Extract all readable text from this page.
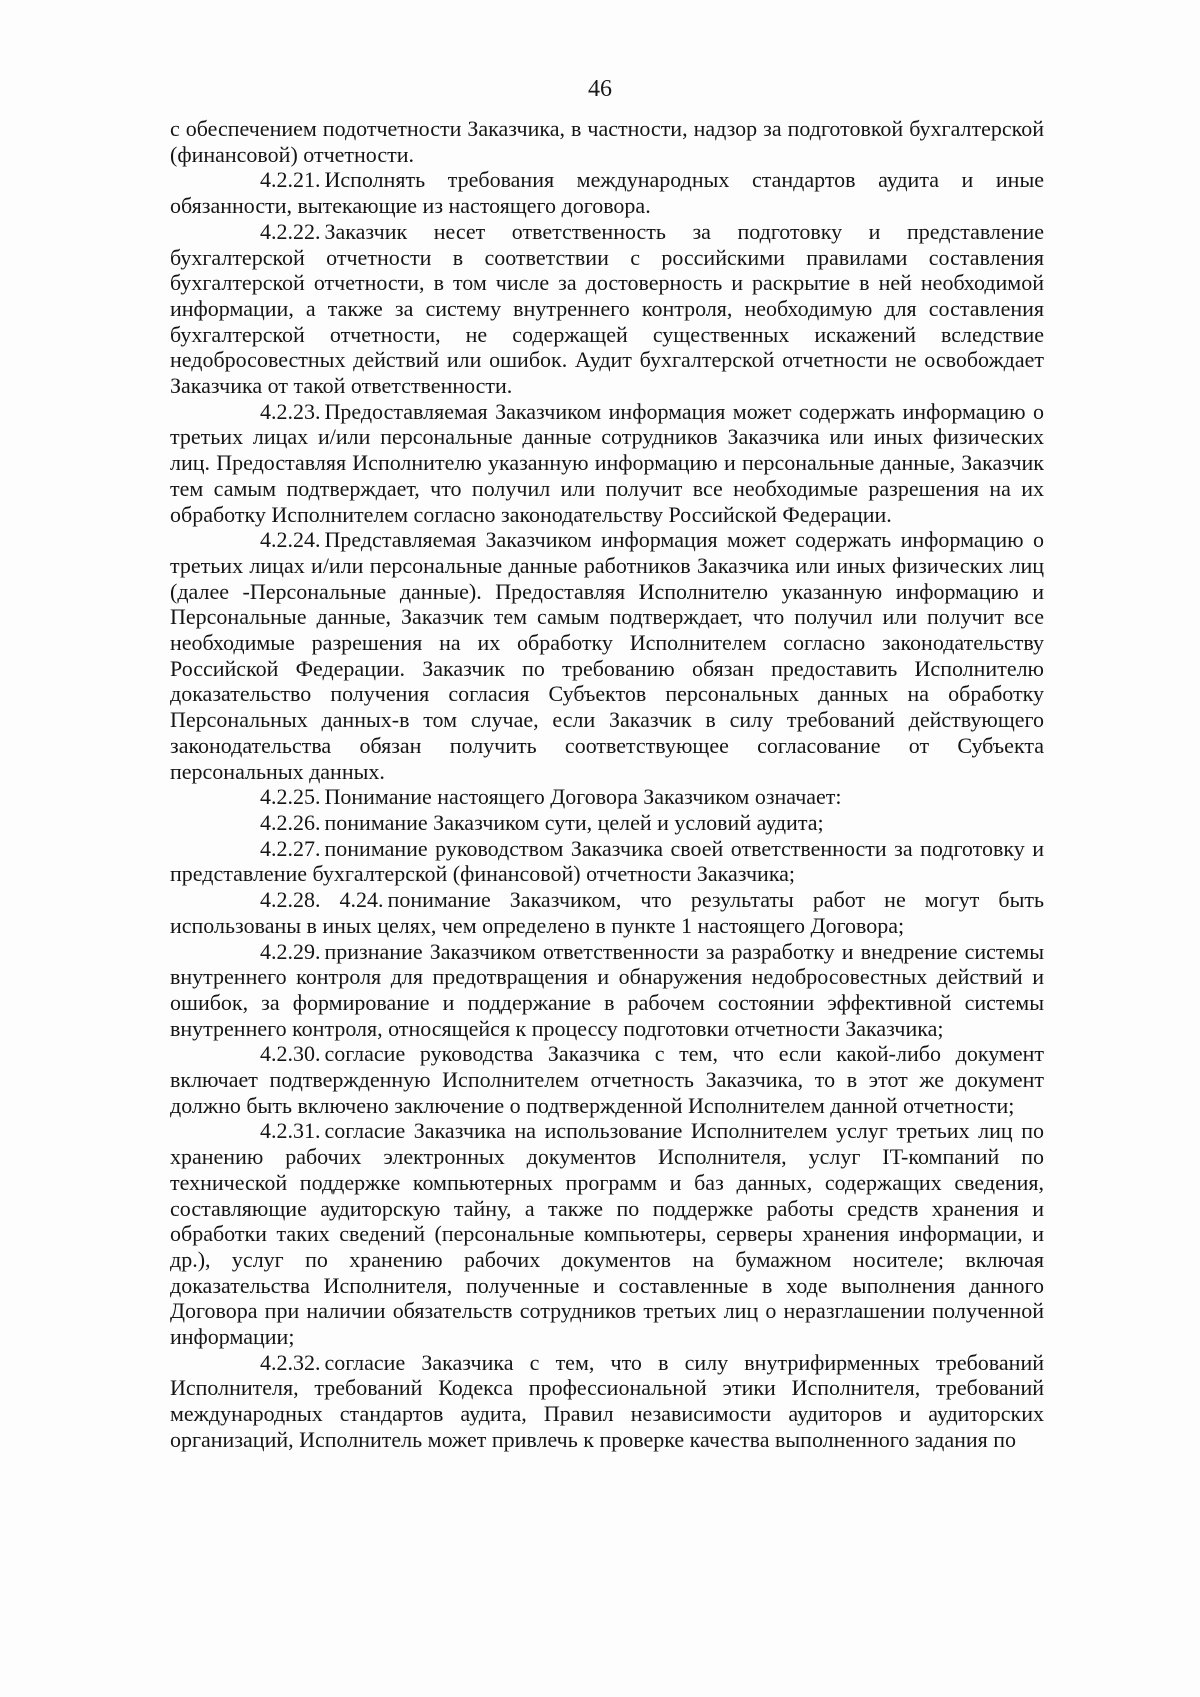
46

с обеспечением подотчетности Заказчика, в частности, надзор за подготовкой бухгалтерской (финансовой) отчетности.

4.2.21. Исполнять требования международных стандартов аудита и иные обязанности, вытекающие из настоящего договора.

4.2.22. Заказчик несет ответственность за подготовку и представление бухгалтерской отчетности в соответствии с российскими правилами составления бухгалтерской отчетности, в том числе за достоверность и раскрытие в ней необходимой информации, а также за систему внутреннего контроля, необходимую для составления бухгалтерской отчетности, не содержащей существенных искажений вследствие недобросовестных действий или ошибок. Аудит бухгалтерской отчетности не освобождает Заказчика от такой ответственности.

4.2.23. Предоставляемая Заказчиком информация может содержать информацию о третьих лицах и/или персональные данные сотрудников Заказчика или иных физических лиц. Предоставляя Исполнителю указанную информацию и персональные данные, Заказчик тем самым подтверждает, что получил или получит все необходимые разрешения на их обработку Исполнителем согласно законодательству Российской Федерации.

4.2.24. Представляемая Заказчиком информация может содержать информацию о третьих лицах и/или персональные данные работников Заказчика или иных физических лиц (далее -Персональные данные). Предоставляя Исполнителю указанную информацию и Персональные данные, Заказчик тем самым подтверждает, что получил или получит все необходимые разрешения на их обработку Исполнителем согласно законодательству Российской Федерации. Заказчик по требованию обязан предоставить Исполнителю доказательство получения согласия Субъектов персональных данных на обработку Персональных данных-в том случае, если Заказчик в силу требований действующего законодательства обязан получить соответствующее согласование от Субъекта персональных данных.

4.2.25. Понимание настоящего Договора Заказчиком означает:

4.2.26. понимание Заказчиком сути, целей и условий аудита;

4.2.27. понимание руководством Заказчика своей ответственности за подготовку и представление бухгалтерской (финансовой) отчетности Заказчика;

4.2.28. 4.24. понимание Заказчиком, что результаты работ не могут быть использованы в иных целях, чем определено в пункте 1 настоящего Договора;

4.2.29. признание Заказчиком ответственности за разработку и внедрение системы внутреннего контроля для предотвращения и обнаружения недобросовестных действий и ошибок, за формирование и поддержание в рабочем состоянии эффективной системы внутреннего контроля, относящейся к процессу подготовки отчетности Заказчика;

4.2.30. согласие руководства Заказчика с тем, что если какой-либо документ включает подтвержденную Исполнителем отчетность Заказчика, то в этот же документ должно быть включено заключение о подтвержденной Исполнителем данной отчетности;

4.2.31. согласие Заказчика на использование Исполнителем услуг третьих лиц по хранению рабочих электронных документов Исполнителя, услуг IT-компаний по технической поддержке компьютерных программ и баз данных, содержащих сведения, составляющие аудиторскую тайну, а также по поддержке работы средств хранения и обработки таких сведений (персональные компьютеры, серверы хранения информации, и др.), услуг по хранению рабочих документов на бумажном носителе; включая доказательства Исполнителя, полученные и составленные в ходе выполнения данного Договора при наличии обязательств сотрудников третьих лиц о неразглашении полученной информации;

4.2.32. согласие Заказчика с тем, что в силу внутрифирменных требований Исполнителя, требований Кодекса профессиональной этики Исполнителя, требований международных стандартов аудита, Правил независимости аудиторов и аудиторских организаций, Исполнитель может привлечь к проверке качества выполненного задания по
